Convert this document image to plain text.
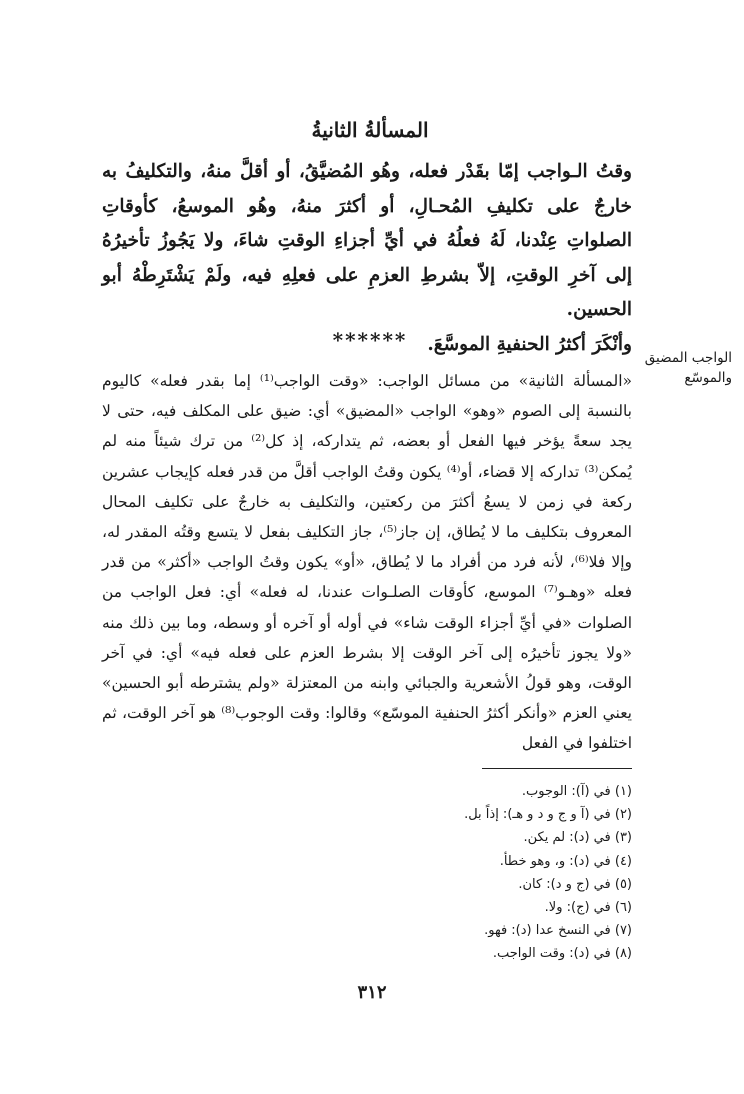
المسألةُ الثانيةُ

وقتُ الـواجب إمّا بقَدْر فعله، وهُو المُضيَّقُ، أو أقلَّ منهُ، والتكليفُ به خارجٌ على تكليفِ المُحـالِ، أو أكثرَ منهُ، وهُو الموسعُ، كأوقاتِ الصلواتِ عِنْدنا، لَهُ فعلُهُ في أيِّ أجزاءِ الوقتِ شاءَ، ولا يَجُوزُ تأخيرُهُ إلى آخرِ الوقتِ، إلاّ بشرطِ العزمِ على فعلِهِ فيه، ولَمْ يَشْتَرِطْهُ أبو الحسين.

وأنْكَرَ أكثرُ الحنفيةِ الموسَّعَ.

******
الواجب المضيق والموسّع

«المسألة الثانية» من مسائل الواجب: «وقت الواجب⁽¹⁾ إما بقدر فعله» كاليوم بالنسبة إلى الصوم «وهو» الواجب «المضيق» أي: ضيق على المكلف فيه، حتى لا يجد سعةً يؤخر فيها الفعل أو بعضه، ثم يتداركه، إذ كل⁽²⁾ من ترك شيئاً منه لم يُمكن⁽³⁾ تداركه إلا قضاء، أو⁽⁴⁾ يكون وقتُ الواجب أقلَّ من قدر فعله كإيجاب عشرين ركعة في زمن لا يسعُ أكثرَ من ركعتين، والتكليف به خارجٌ على تكليف المحال المعروف بتكليف ما لا يُطاق، إن جاز⁽⁵⁾، جاز التكليف بفعل لا يتسع وقتُه المقدر له، وإلا فلا⁽⁶⁾، لأنه فرد من أفراد ما لا يُطاق، «أو» يكون وقتُ الواجب «أكثر» من قدر فعله «وهـو⁽⁷⁾ الموسع، كأوقات الصلـوات عندنا، له فعله» أي: فعل الواجب من الصلوات «في أيِّ أجزاء الوقت شاء» في أوله أو آخره أو وسطه، وما بين ذلك منه «ولا يجوز تأخيرُه إلى آخر الوقت إلا بشرط العزم على فعله فيه» أي: في آخر الوقت، وهو قولُ الأشعرية والجبائي وابنه من المعتزلة «ولم يشترطه أبو الحسين» يعني العزم «وأنكر أكثرُ الحنفية الموسّع» وقالوا: وقت الوجوب⁽⁸⁾ هو آخر الوقت، ثم اختلفوا في الفعل

(١) في (آ): الوجوب.
(٢) في (آ و ج و د و هـ): إذاً بل.
(٣) في (د): لم يكن.
(٤) في (د): و، وهو خطأ.
(٥) في (ج و د): كان.
(٦) في (ج): ولا.
(٧) في النسخ عدا (د): فهو.
(٨) في (د): وقت الواجب.
٣١٢
